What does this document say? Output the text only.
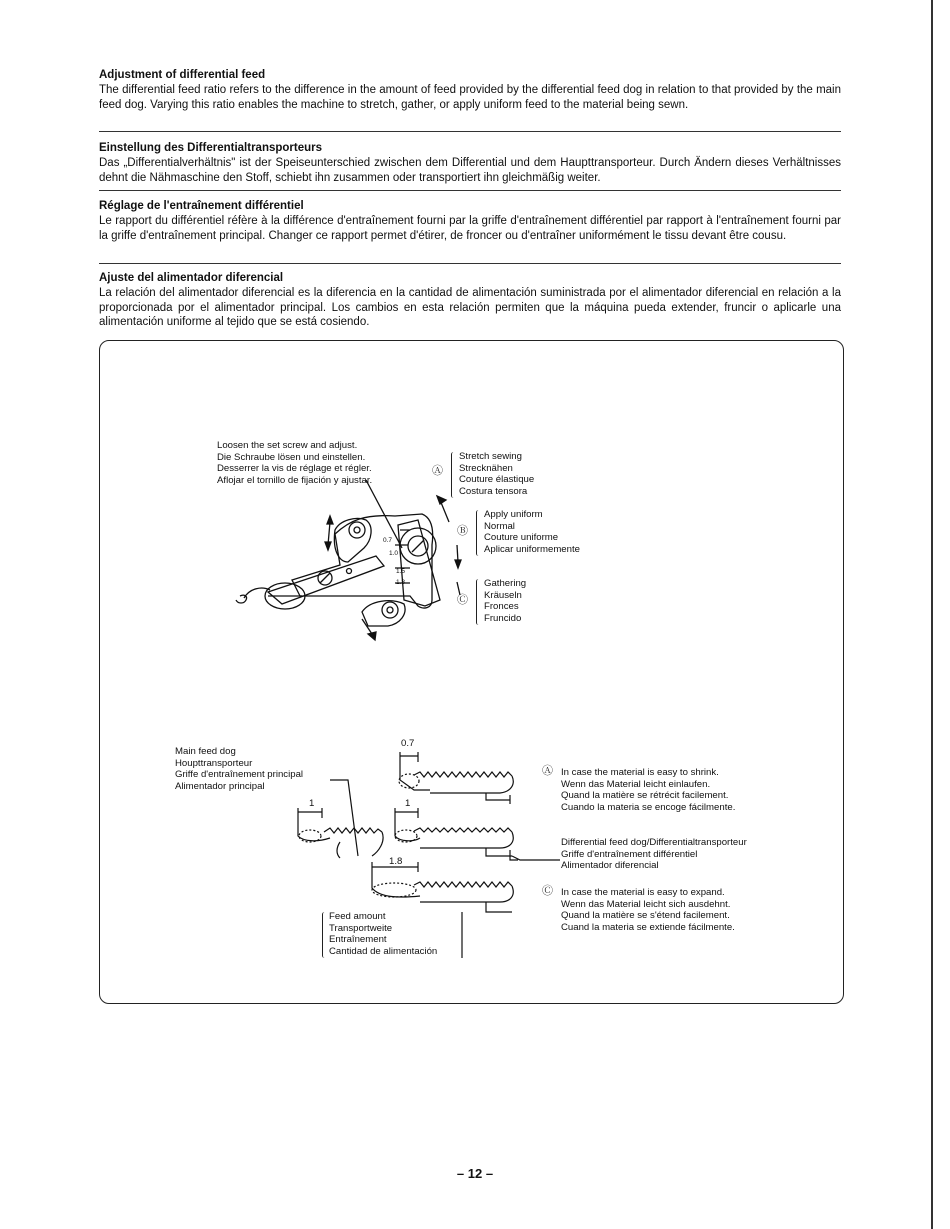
Adjustment of differential feed

The differential feed ratio refers to the difference in the amount of feed provided by the differential feed dog in relation to that provided by the main feed dog. Varying this ratio enables the machine to stretch, gather, or apply uniform feed to the material being sewn.

Einstellung des Differentialtransporteurs

Das „Differentialverhältnis" ist der Speiseunterschied zwischen dem Differential und dem Haupttransporteur. Durch Ändern dieses Verhältnisses dehnt die Nähmaschine den Stoff, schiebt ihn zusammen oder transportiert ihn gleichmäßig weiter.

Réglage de l'entraînement différentiel

Le rapport du différentiel réfère à la différence d'entraînement fourni par la griffe d'entraînement différentiel par rapport à l'entraînement fourni par la griffe d'entraînement principal. Changer ce rapport permet d'étirer, de froncer ou d'entraîner uniformément le tissu devant être cousu.

Ajuste del alimentador diferencial

La relación del alimentador diferencial es la diferencia en la cantidad de alimentación suministrada por el alimentador diferencial en relación a la proporcionada por el alimentador principal. Los cambios en esta relación permiten que la máquina pueda extender, fruncir o aplicarle una alimentación uniforme al tejido que se está cosiendo.

Loosen the set screw and adjust.
Die Schraube lösen und einstellen.
Desserrer la vis de réglage et régler.
Aflojar el tornillo de fijación y ajustar.
Ⓐ
Stretch sewing
Strecknähen
Couture élastique
Costura tensora
Ⓑ
Apply uniform
Normal
Couture uniforme
Aplicar uniformemente
Ⓒ
Gathering
Kräuseln
Fronces
Fruncido
0.7
1.0
1.5
1.8
Main feed dog
Houpttransporteur
Griffe d'entraînement principal
Alimentador principal
0.7
1	1
1.8
Feed amount
Transportweite
Entraînement
Cantidad de alimentación
Ⓐ In case the material is easy to shrink.
Wenn das Material leicht einlaufen.
Quand la matière se rétrécit facilement.
Cuando la materia se encoge fácilmente.
Differential feed dog/Differentialtransporteur
Griffe d'entraînement différentiel
Alimentador diferencial
Ⓒ In case the material is easy to expand.
Wenn das Material leicht sich ausdehnt.
Quand la matière se s'étend facilement.
Cuand la materia se extiende fácilmente.
– 12 –
